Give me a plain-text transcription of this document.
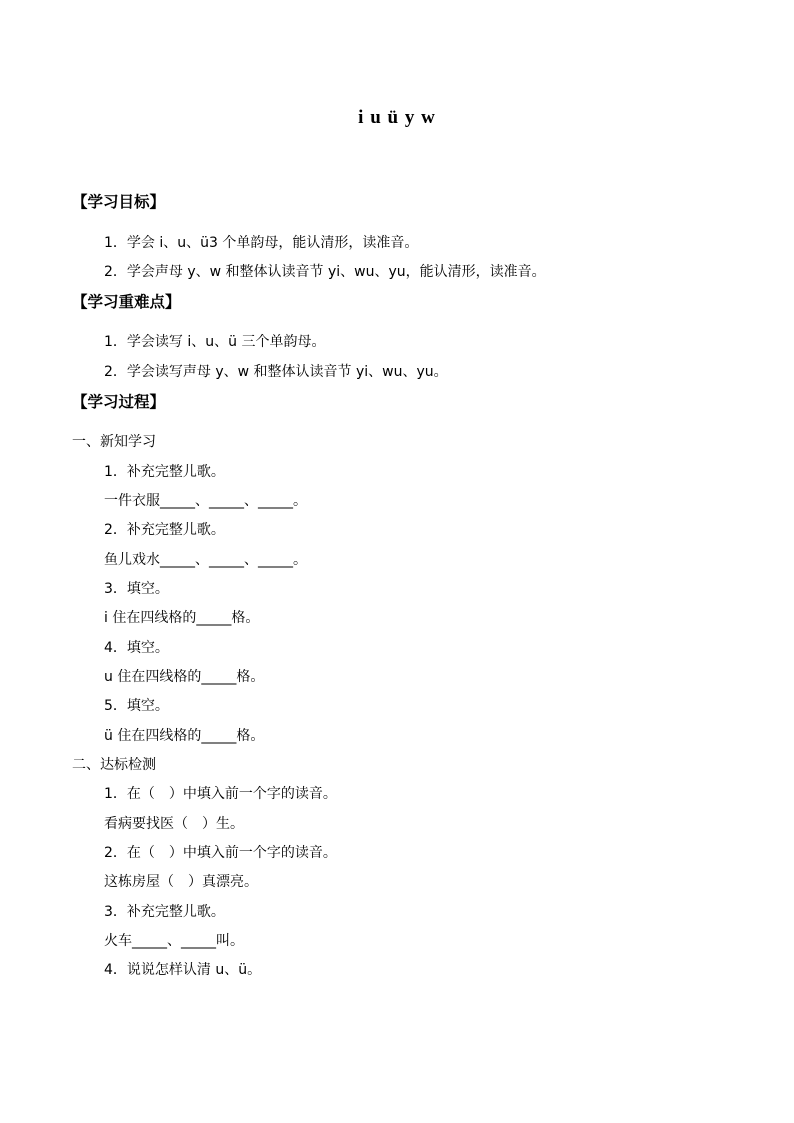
i u ü y w
【学习目标】
1．学会 i、u、ü3 个单韵母，能认清形，读准音。
2．学会声母 y、w 和整体认读音节 yi、wu、yu，能认清形，读准音。
【学习重难点】
1．学会读写 i、u、ü 三个单韵母。
2．学会读写声母 y、w 和整体认读音节 yi、wu、yu。
【学习过程】
一、新知学习
1．补充完整儿歌。
一件衣服_____、_____、_____。
2．补充完整儿歌。
鱼儿戏水_____、_____、_____。
3．填空。
i 住在四线格的_____格。
4．填空。
u 住在四线格的_____格。
5．填空。
ü 住在四线格的_____格。
二、达标检测
1．在（　）中填入前一个字的读音。
看病要找医（　）生。
2．在（　）中填入前一个字的读音。
这栋房屋（　）真漂亮。
3．补充完整儿歌。
火车_____、_____叫。
4．说说怎样认清 u、ü。
